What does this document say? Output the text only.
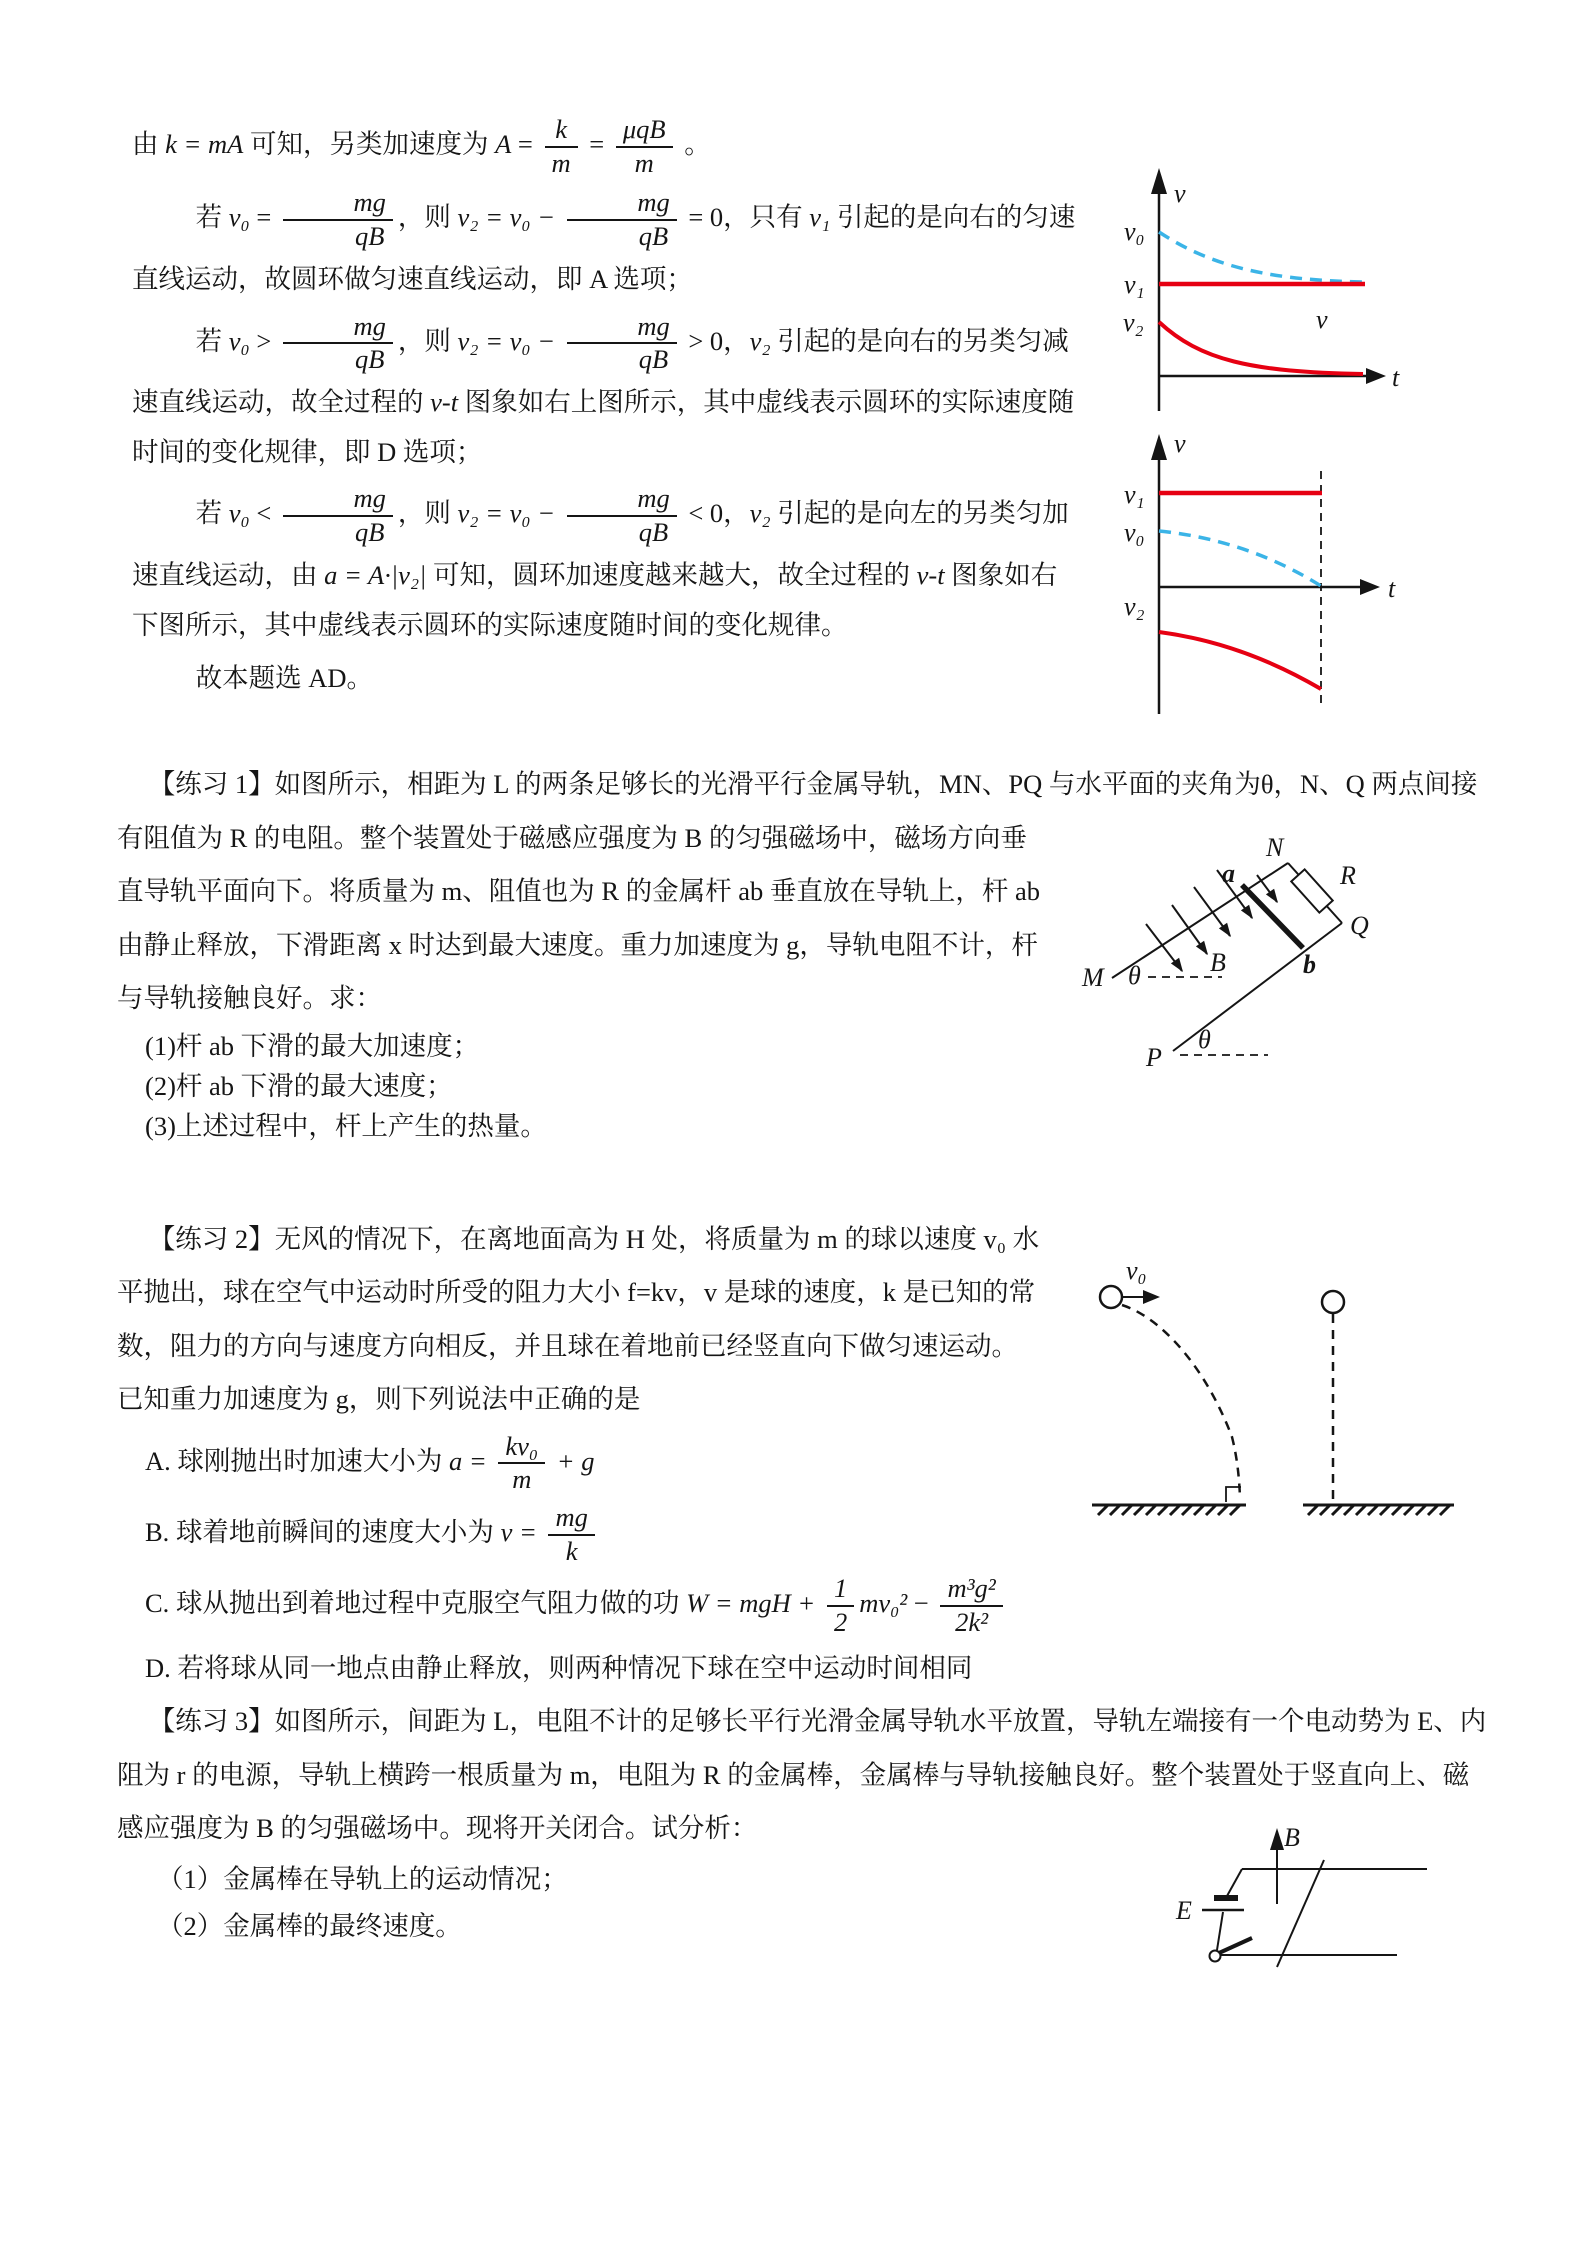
v
t
v₀
v₁
v₂	v
v
t
v₁
v₀
v₂

由 k = mA 可知，另类加速度为 $A = \frac{k}{m} = \frac{\text{μqB}}{m}$ 。

若 $v_0 = \frac{mg}{qB}$ ，则 $v_2 = v_0 - \frac{mg}{qB} = 0$，只有 v₁ 引起的是向右的匀速直线运动，故圆环做匀速直线运动，即 A 选项；

若 $v_0 > \frac{mg}{qB}$ ，则 $v_2 = v_0 - \frac{mg}{qB} > 0$，v₂ 引起的是向右的另类匀减速直线运动，故全过程的 v-t 图象如右上图所示，其中虚线表示圆环的实际速度随时间的变化规律，即 D 选项；

若 $v_0 < \frac{mg}{qB}$ ，则 $v_2 = v_0 - \frac{mg}{qB} < 0$，v₂ 引起的是向左的另类匀加速直线运动，由 a = A·|v₂| 可知，圆环加速度越来越大，故全过程的 v-t 图象如右下图所示，其中虚线表示圆环的实际速度随时间的变化规律。

故本题选 AD。

【练习 1】如图所示，相距为 L 的两条足够长的光滑平行金属导轨，MN、PQ 与水平面的夹角为θ，N、
N
R
Q
M
P
a
b
B
θ
θ
Q 两点间接有阻值为 R 的电阻。整个装置处于磁感应强度为 B 的匀强磁场中，磁场方向垂直导轨平面向下。将质量为 m、阻值也为 R 的金属杆 ab 垂直放在导轨上，杆 ab 由静止释放，下滑距离 x 时达到最大速度。重力加速度为 g，导轨电阻不计，杆与导轨接触良好。求：

(1)杆 ab 下滑的最大加速度；
(2)杆 ab 下滑的最大速度；
(3)上述过程中，杆上产生的热量。

v₀
【练习 2】无风的情况下，在离地面高为 H 处，将质量为 m 的球以速度 v₀ 水平抛出，球在空气中运动时所受的阻力大小 f=kv，v 是球的速度，k 是已知的常数，阻力的方向与速度方向相反，并且球在着地前已经竖直向下做匀速运动。已知重力加速度为 g，则下列说法中正确的是

A. 球刚抛出时加速大小为 $a = \frac{\text{kv₀}}{m} + g$
B. 球着地前瞬间的速度大小为 $v = \frac{mg}{k}$
C. 球从抛出到着地过程中克服空气阻力做的功 W = mgH + $\frac{1}{2} mv_0^2 - \frac{\text{m³g²}}{\text{2k²}}$
D. 若将球从同一地点由静止释放，则两种情况下球在空中运动时间相同

【练习 3】如图所示，间距为 L，电阻不计的足够长平行光滑金属导轨水平放置，导轨左端接有一个电动势为 E、内阻为 r 的电源，导轨上横跨一根质量为 m，电阻为 R 的金属棒，金属棒与导轨接触良好。
B
E
整个装置处于竖直向上、磁感应强度为 B 的匀强磁场中。现将开关闭合。试分析：

（1）金属棒在导轨上的运动情况；
（2）金属棒的最终速度。
